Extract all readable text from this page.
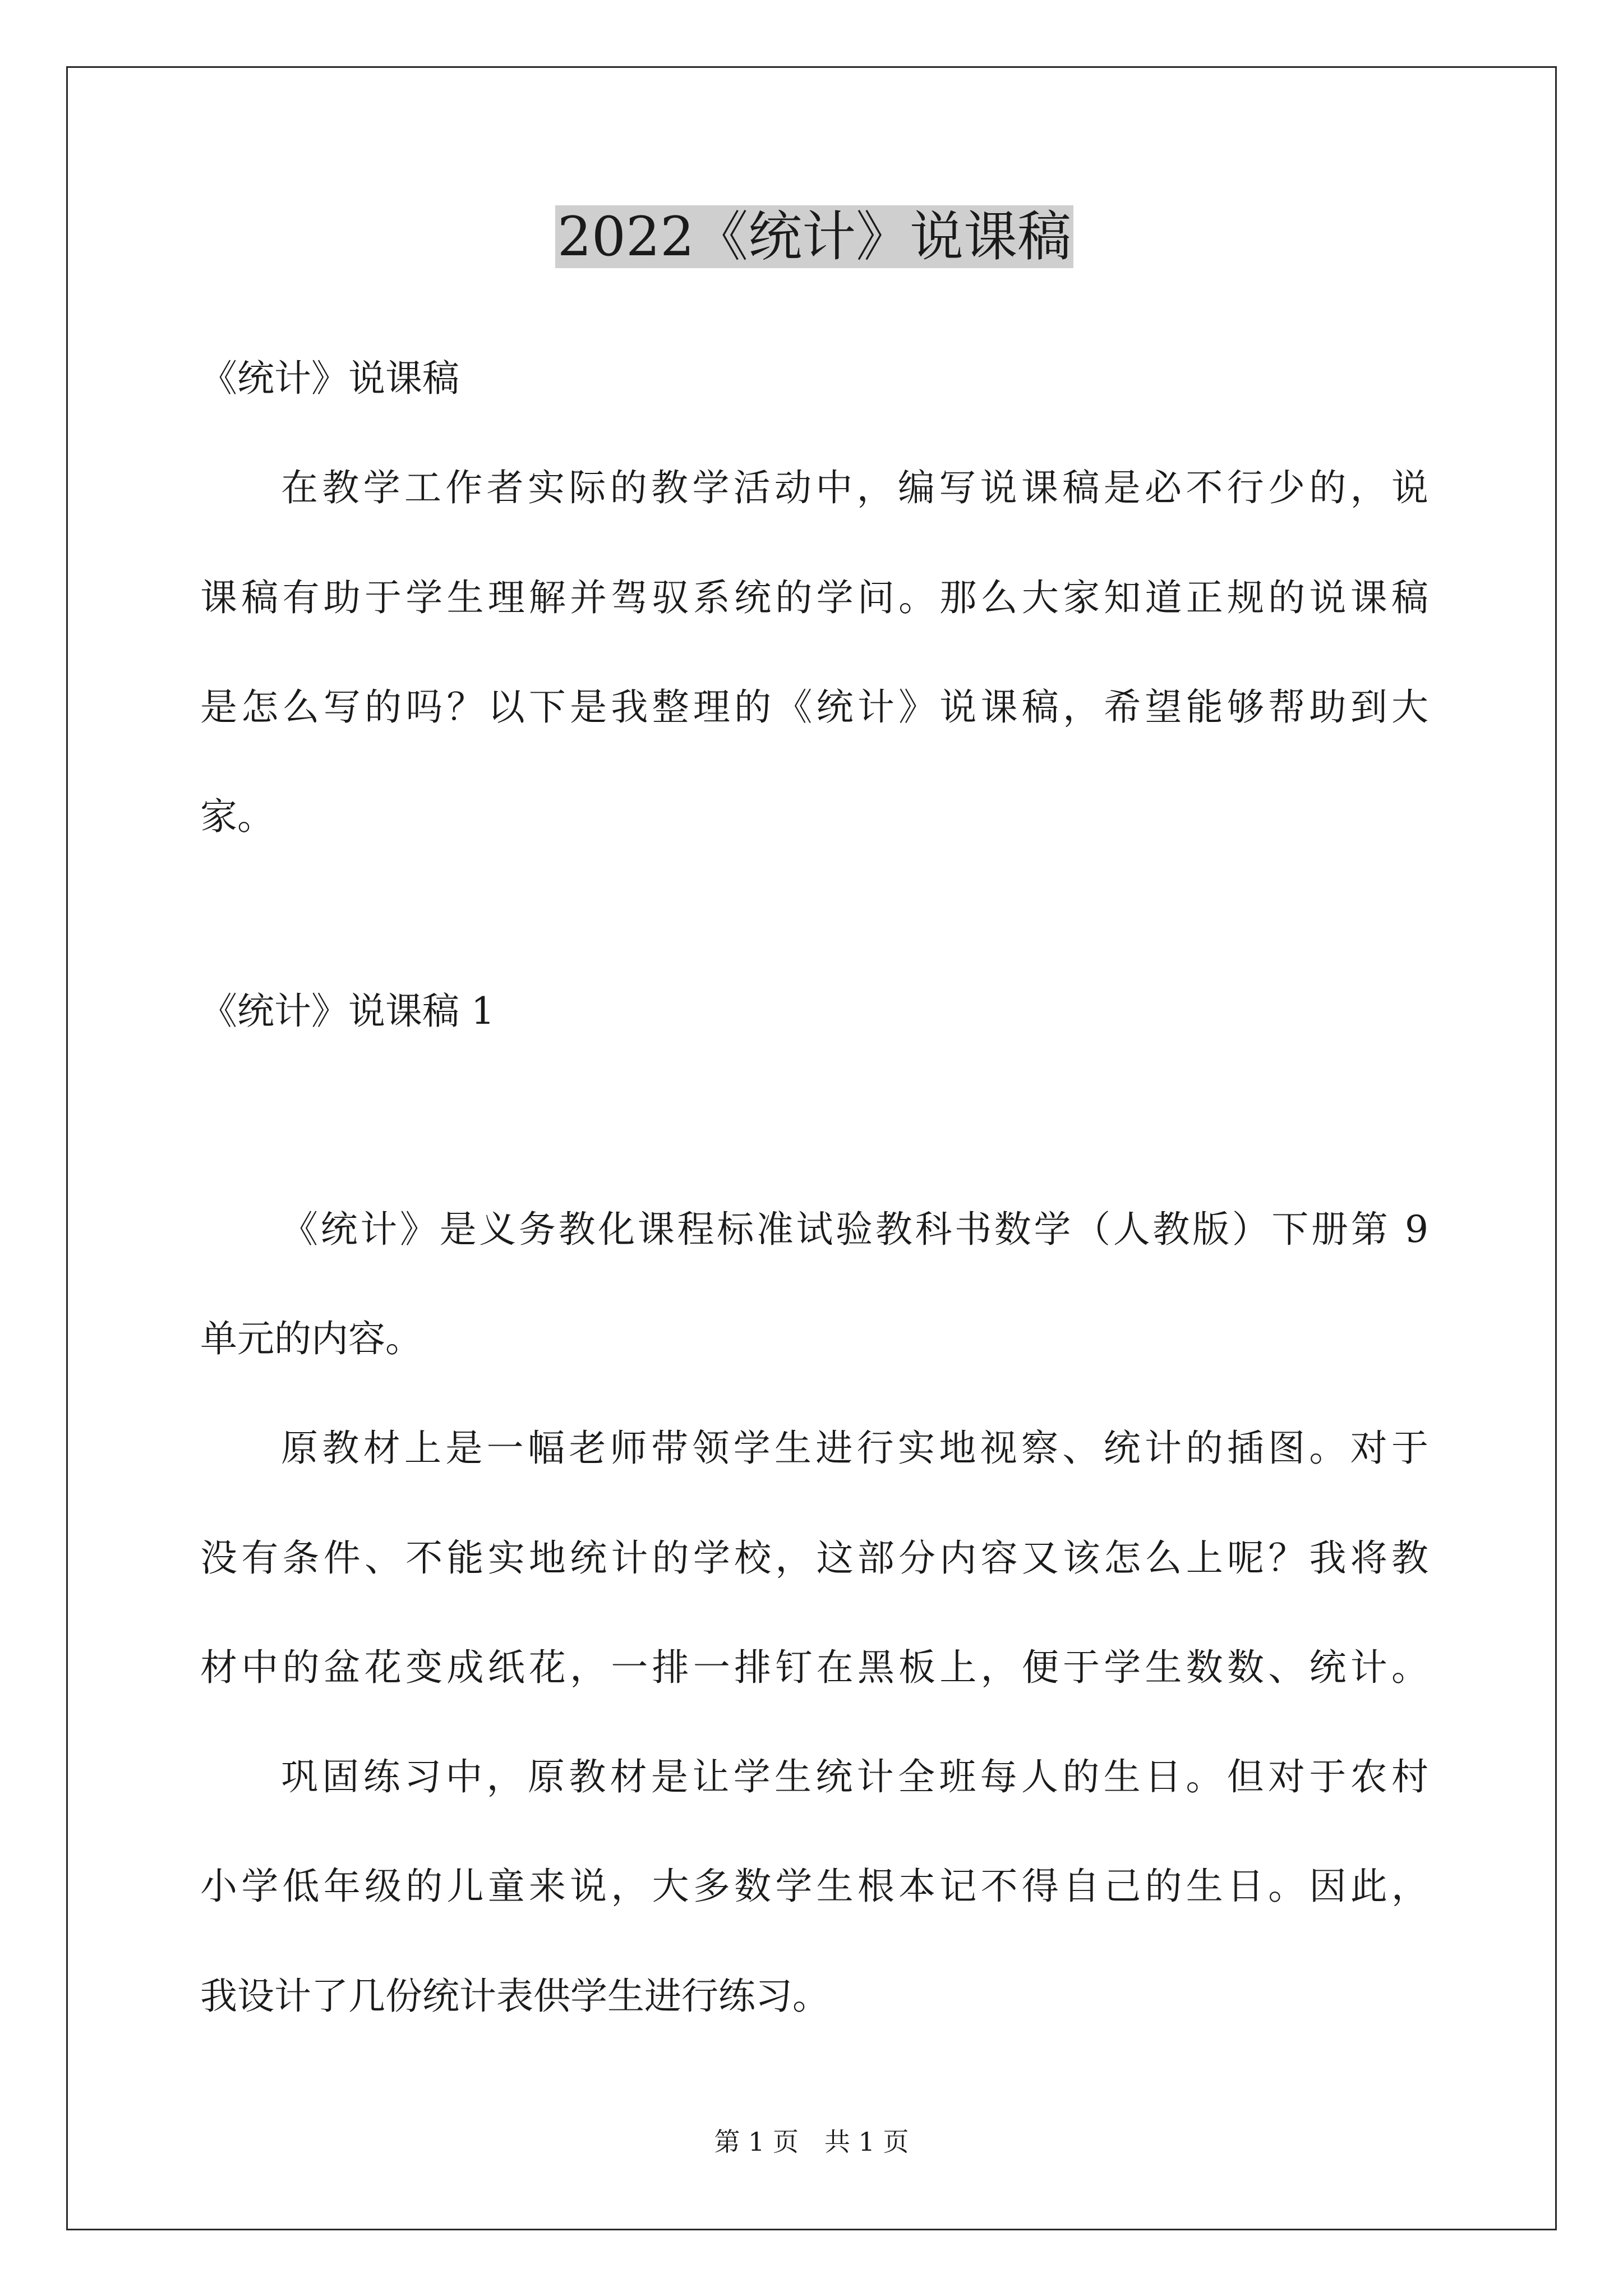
2022《统计》说课稿

《统计》说课稿

在教学工作者实际的教学活动中，编写说课稿是必不行少的，说

课稿有助于学生理解并驾驭系统的学问。那么大家知道正规的说课稿

是怎么写的吗？以下是我整理的《统计》说课稿，希望能够帮助到大

家。

《统计》说课稿 1

《统计》是义务教化课程标准试验教科书数学（人教版）下册第 9

单元的内容。

原教材上是一幅老师带领学生进行实地视察、统计的插图。对于

没有条件、不能实地统计的学校，这部分内容又该怎么上呢？我将教

材中的盆花变成纸花，一排一排钉在黑板上，便于学生数数、统计。

巩固练习中，原教材是让学生统计全班每人的生日。但对于农村

小学低年级的儿童来说，大多数学生根本记不得自己的生日。因此，

我设计了几份统计表供学生进行练习。

第 1 页　共 1 页
